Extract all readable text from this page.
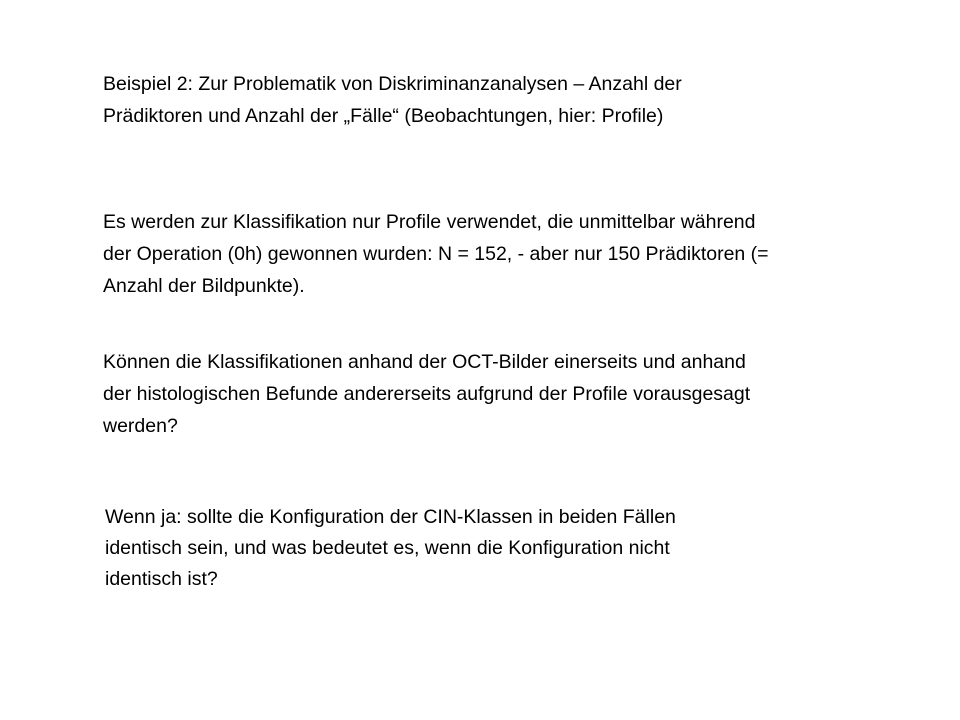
Beispiel 2: Zur Problematik von Diskriminanzanalysen – Anzahl der
Prädiktoren und Anzahl der „Fälle“ (Beobachtungen, hier: Profile)

Es werden zur Klassifikation nur Profile verwendet, die unmittelbar während
der Operation (0h) gewonnen wurden: N = 152, - aber nur 150 Prädiktoren (=
Anzahl der Bildpunkte).

Können die Klassifikationen anhand der OCT-Bilder einerseits und anhand
der histologischen Befunde andererseits aufgrund der Profile vorausgesagt
werden?

Wenn ja: sollte die Konfiguration der CIN-Klassen in beiden Fällen
identisch sein, und was bedeutet es, wenn die Konfiguration nicht
identisch ist?
